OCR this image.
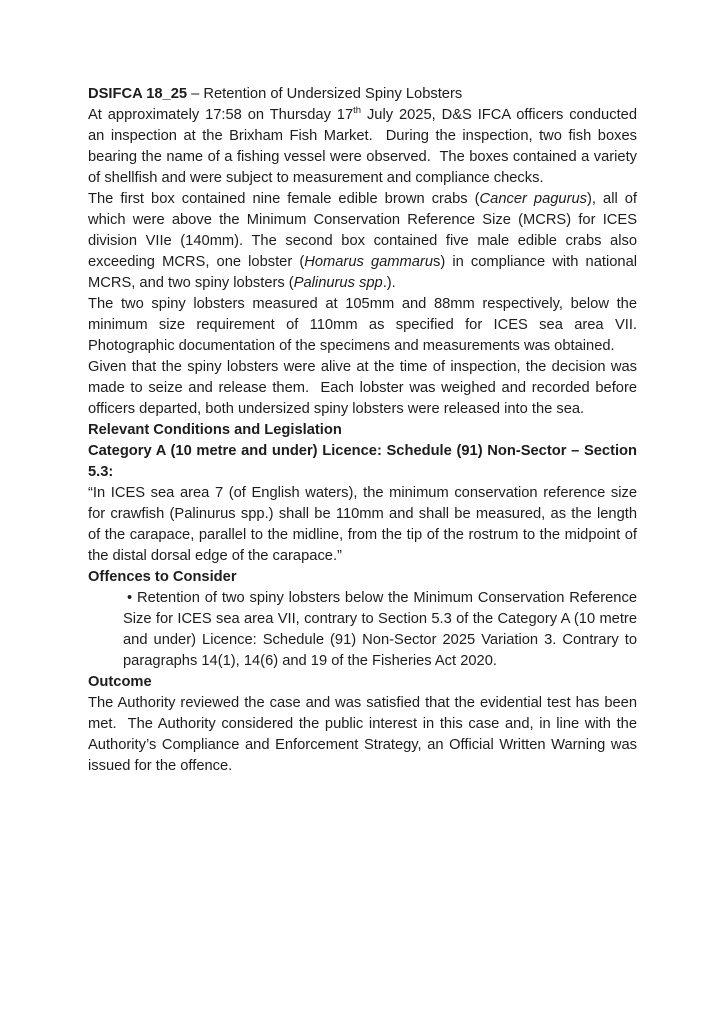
DSIFCA 18_25 – Retention of Undersized Spiny Lobsters

At approximately 17:58 on Thursday 17th July 2025, D&S IFCA officers conducted an inspection at the Brixham Fish Market.  During the inspection, two fish boxes bearing the name of a fishing vessel were observed.  The boxes contained a variety of shellfish and were subject to measurement and compliance checks.

The first box contained nine female edible brown crabs (Cancer pagurus), all of which were above the Minimum Conservation Reference Size (MCRS) for ICES division VIIe (140mm). The second box contained five male edible crabs also exceeding MCRS, one lobster (Homarus gammarus) in compliance with national MCRS, and two spiny lobsters (Palinurus spp.).

The two spiny lobsters measured at 105mm and 88mm respectively, below the minimum size requirement of 110mm as specified for ICES sea area VII. Photographic documentation of the specimens and measurements was obtained.

Given that the spiny lobsters were alive at the time of inspection, the decision was made to seize and release them.  Each lobster was weighed and recorded before officers departed, both undersized spiny lobsters were released into the sea.

Relevant Conditions and Legislation

Category A (10 metre and under) Licence: Schedule (91) Non-Sector – Section 5.3:

“In ICES sea area 7 (of English waters), the minimum conservation reference size for crawfish (Palinurus spp.) shall be 110mm and shall be measured, as the length of the carapace, parallel to the midline, from the tip of the rostrum to the midpoint of the distal dorsal edge of the carapace.”

Offences to Consider

• Retention of two spiny lobsters below the Minimum Conservation Reference Size for ICES sea area VII, contrary to Section 5.3 of the Category A (10 metre and under) Licence: Schedule (91) Non-Sector 2025 Variation 3. Contrary to paragraphs 14(1), 14(6) and 19 of the Fisheries Act 2020.

Outcome

The Authority reviewed the case and was satisfied that the evidential test has been met.  The Authority considered the public interest in this case and, in line with the Authority’s Compliance and Enforcement Strategy, an Official Written Warning was issued for the offence.
